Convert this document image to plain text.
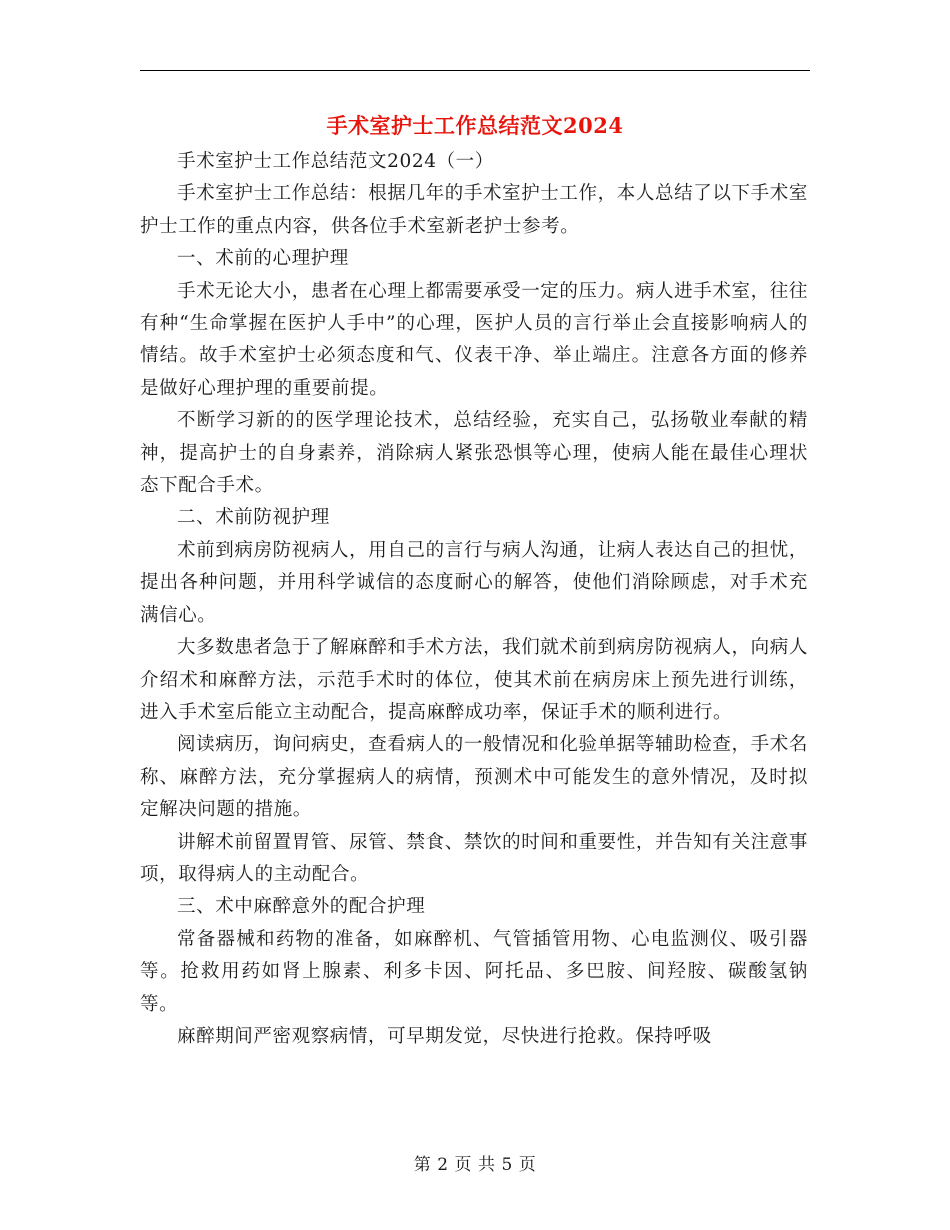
手术室护士工作总结范文2024

手术室护士工作总结范文2024（一）

手术室护士工作总结：根据几年的手术室护士工作，本人总结了以下手术室护士工作的重点内容，供各位手术室新老护士参考。

一、术前的心理护理

手术无论大小，患者在心理上都需要承受一定的压力。病人进手术室，往往有种“生命掌握在医护人手中”的心理，医护人员的言行举止会直接影响病人的情结。故手术室护士必须态度和气、仪表干净、举止端庄。注意各方面的修养是做好心理护理的重要前提。

不断学习新的的医学理论技术，总结经验，充实自己，弘扬敬业奉献的精神，提高护士的自身素养，消除病人紧张恐惧等心理，使病人能在最佳心理状态下配合手术。

二、术前防视护理

术前到病房防视病人，用自己的言行与病人沟通，让病人表达自己的担忧，提出各种问题，并用科学诚信的态度耐心的解答，使他们消除顾虑，对手术充满信心。

大多数患者急于了解麻醉和手术方法，我们就术前到病房防视病人，向病人介绍术和麻醉方法，示范手术时的体位，使其术前在病房床上预先进行训练，进入手术室后能立主动配合，提高麻醉成功率，保证手术的顺利进行。

阅读病历，询问病史，查看病人的一般情况和化验单据等辅助检查，手术名称、麻醉方法，充分掌握病人的病情，预测术中可能发生的意外情况，及时拟定解决问题的措施。

讲解术前留置胃管、尿管、禁食、禁饮的时间和重要性，并告知有关注意事项，取得病人的主动配合。

三、术中麻醉意外的配合护理

常备器械和药物的准备，如麻醉机、气管插管用物、心电监测仪、吸引器等。抢救用药如肾上腺素、利多卡因、阿托品、多巴胺、间羟胺、碳酸氢钠等。

麻醉期间严密观察病情，可早期发觉，尽快进行抢救。保持呼吸

第 2 页 共 5 页
